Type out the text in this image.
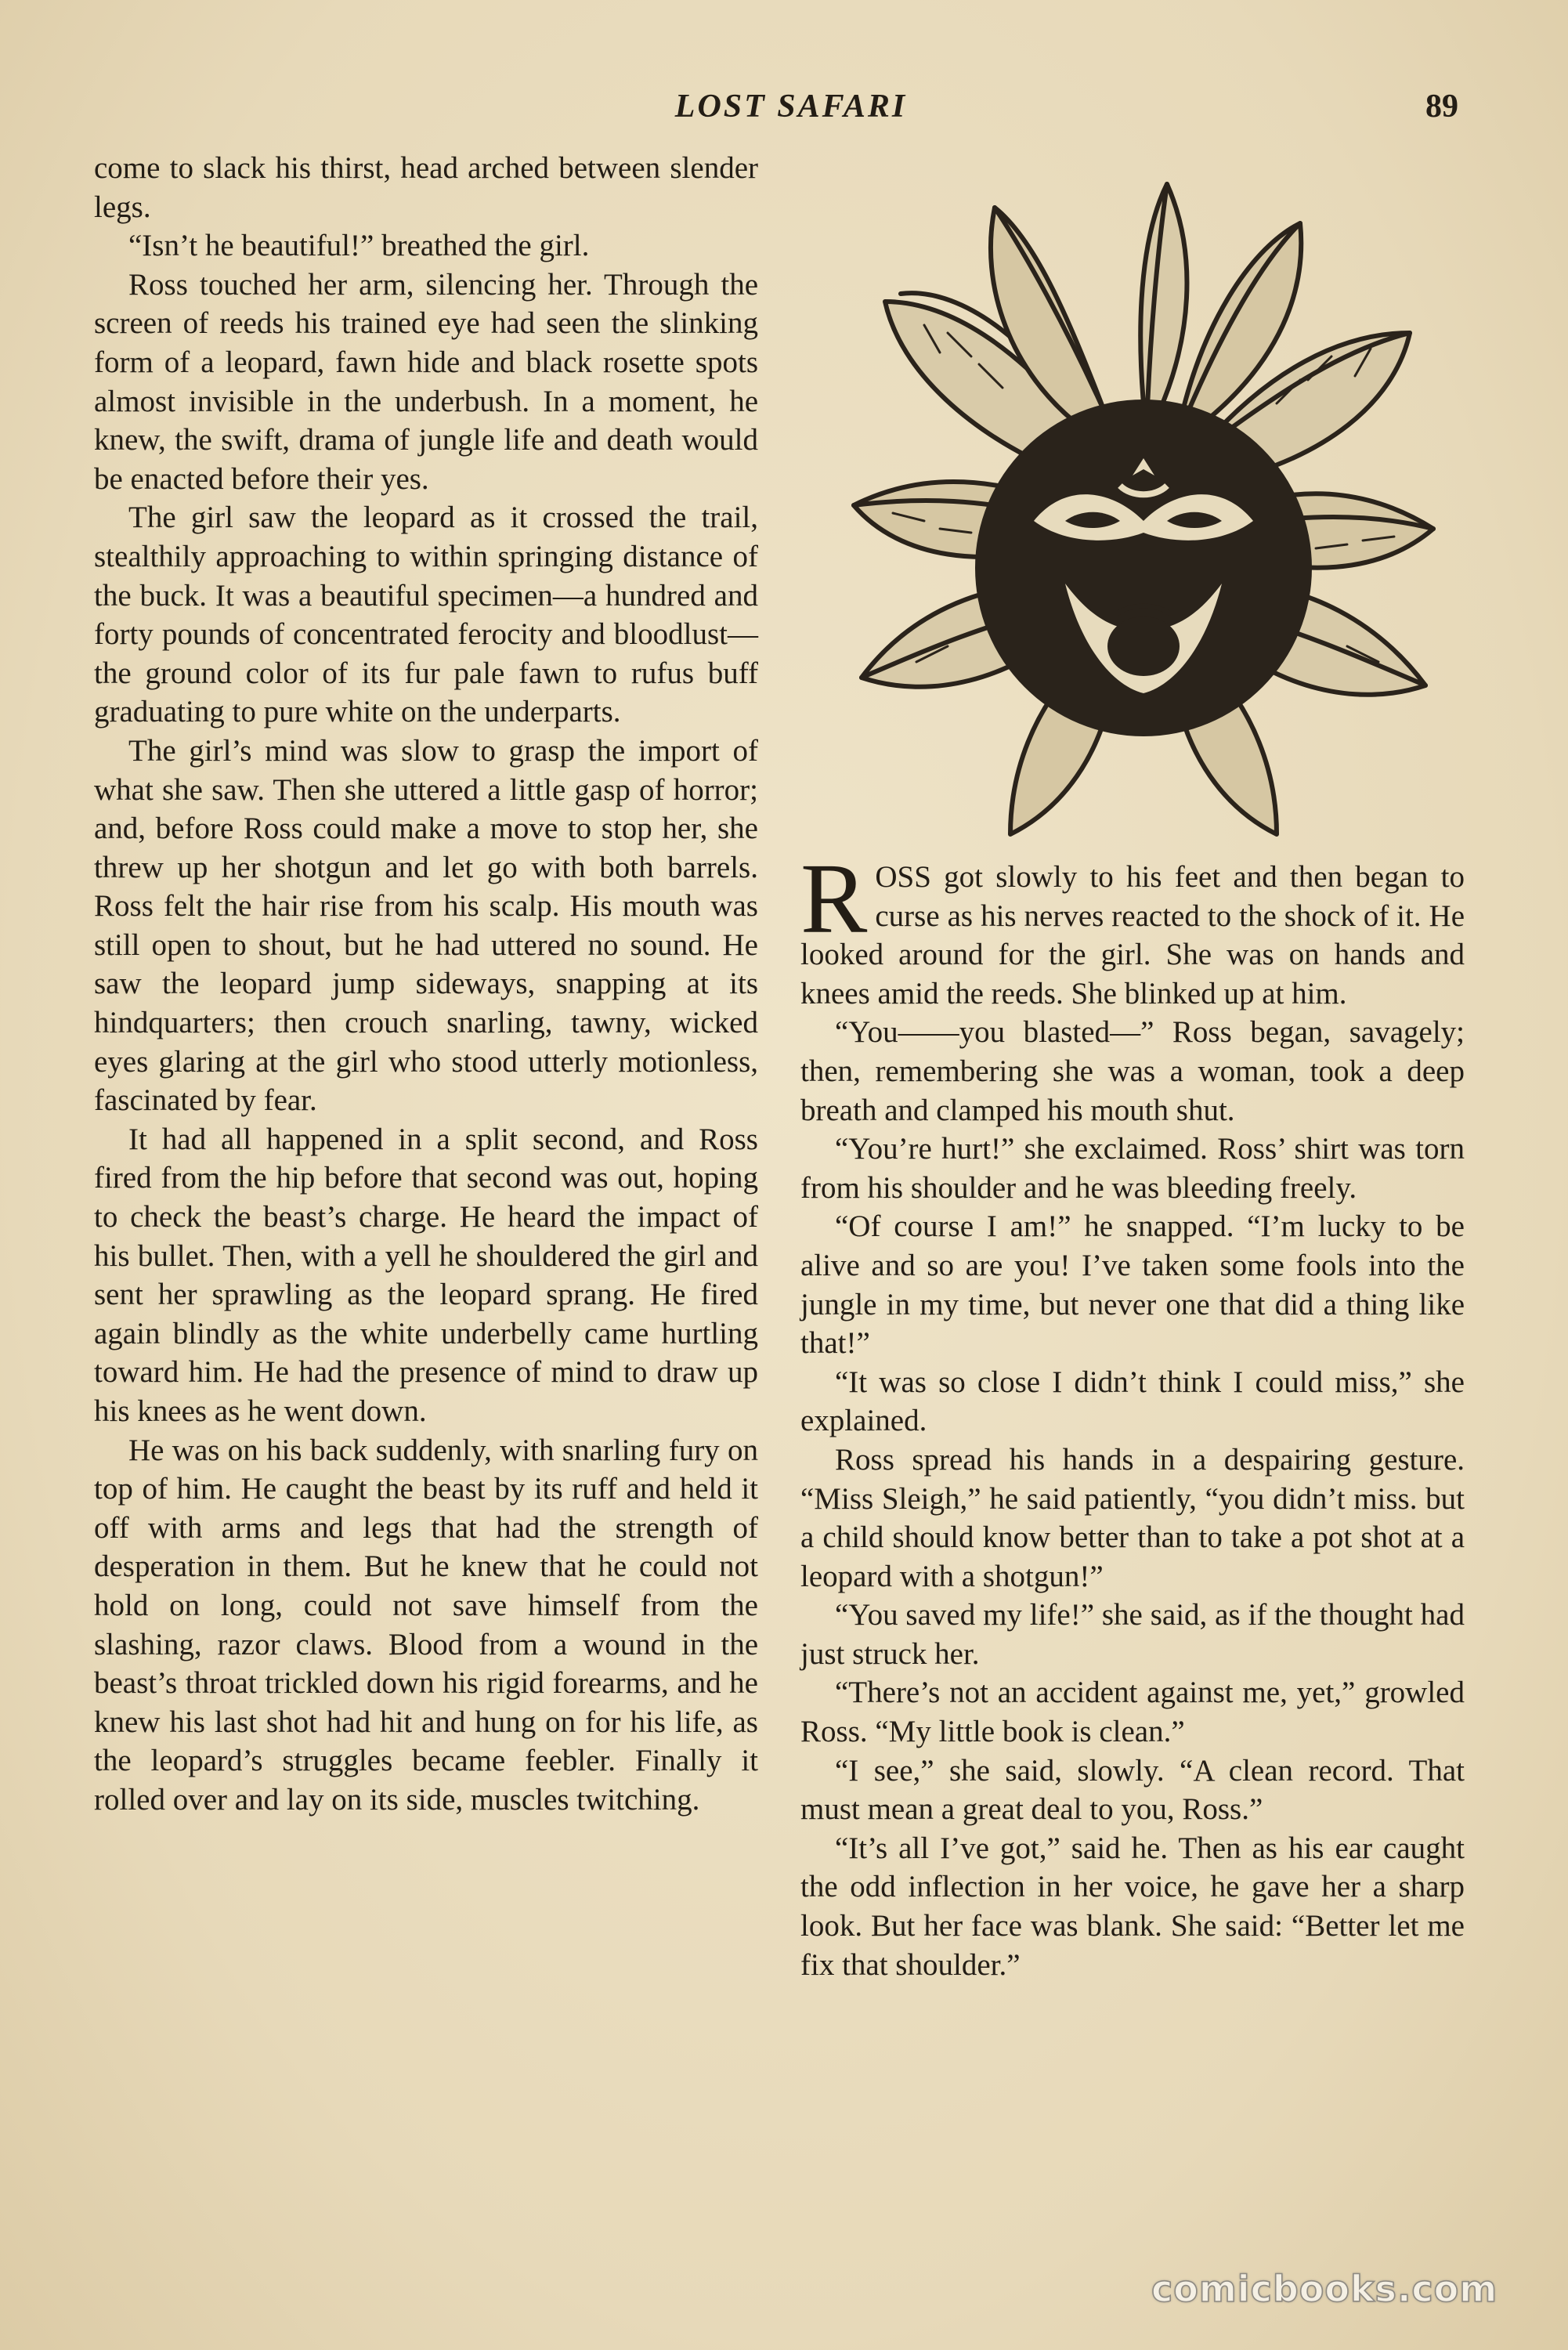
LOST SAFARI	89

come to slack his thirst, head arched between slender legs.

“Isn’t he beautiful!” breathed the girl.

Ross touched her arm, silencing her. Through the screen of reeds his trained eye had seen the slinking form of a leopard, fawn hide and black rosette spots almost invisible in the underbush. In a moment, he knew, the swift, drama of jungle life and death would be enacted before their yes.

The girl saw the leopard as it crossed the trail, stealthily approaching to within springing distance of the buck. It was a beautiful specimen—a hundred and forty pounds of concentrated ferocity and bloodlust—the ground color of its fur pale fawn to rufus buff graduating to pure white on the underparts.

The girl’s mind was slow to grasp the import of what she saw. Then she uttered a little gasp of horror; and, before Ross could make a move to stop her, she threw up her shotgun and let go with both barrels. Ross felt the hair rise from his scalp. His mouth was still open to shout, but he had uttered no sound. He saw the leopard jump sideways, snapping at its hindquarters; then crouch snarling, tawny, wicked eyes glaring at the girl who stood utterly motionless, fascinated by fear.

It had all happened in a split second, and Ross fired from the hip before that second was out, hoping to check the beast’s charge. He heard the impact of his bullet. Then, with a yell he shouldered the girl and sent her sprawling as the leopard sprang. He fired again blindly as the white underbelly came hurtling toward him. He had the presence of mind to draw up his knees as he went down.

He was on his back suddenly, with snarling fury on top of him. He caught the beast by its ruff and held it off with arms and legs that had the strength of desperation in them. But he knew that he could not hold on long, could not save himself from the slashing, razor claws. Blood from a wound in the beast’s throat trickled down his rigid forearms, and he knew his last shot had hit and hung on for his life, as the leopard’s struggles became feebler. Finally it rolled over and lay on its side, muscles twitching.

ROSS got slowly to his feet and then began to curse as his nerves reacted to the shock of it. He looked around for the girl. She was on hands and knees amid the reeds. She blinked up at him.

“You——you blasted—” Ross began, savagely; then, remembering she was a woman, took a deep breath and clamped his mouth shut.

“You’re hurt!” she exclaimed. Ross’ shirt was torn from his shoulder and he was bleeding freely.

“Of course I am!” he snapped. “I’m lucky to be alive and so are you! I’ve taken some fools into the jungle in my time, but never one that did a thing like that!”

“It was so close I didn’t think I could miss,” she explained.

Ross spread his hands in a despairing gesture. “Miss Sleigh,” he said patiently, “you didn’t miss. but a child should know better than to take a pot shot at a leopard with a shotgun!”

“You saved my life!” she said, as if the thought had just struck her.

“There’s not an accident against me, yet,” growled Ross. “My little book is clean.”

“I see,” she said, slowly. “A clean record. That must mean a great deal to you, Ross.”

“It’s all I’ve got,” said he. Then as his ear caught the odd inflection in her voice, he gave her a sharp look. But her face was blank. She said: “Better let me fix that shoulder.”

comicbooks.com
